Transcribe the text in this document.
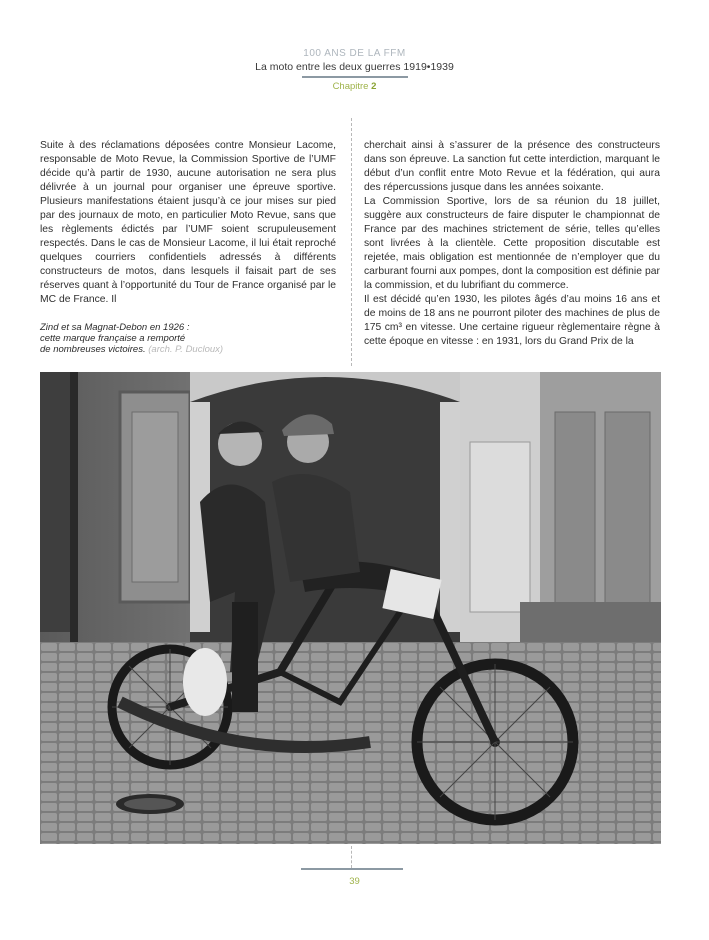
100 ANS DE LA FFM
La moto entre les deux guerres 1919•1939
Chapitre 2

Suite à des réclamations déposées contre Monsieur Lacome, responsable de Moto Revue, la Commission Sportive de l’UMF décide qu’à partir de 1930, aucune autorisation ne sera plus délivrée à un journal pour organiser une épreuve sportive. Plusieurs manifestations étaient jusqu’à ce jour mises sur pied par des journaux de moto, en particulier Moto Revue, sans que les règlements édictés par l’UMF soient scrupuleusement respectés. Dans le cas de Monsieur Lacome, il lui était reproché quelques courriers confidentiels adressés à différents constructeurs de motos, dans lesquels il faisait part de ses réserves quant à l’opportunité du Tour de France organisé par le MC de France. Il

cherchait ainsi à s’assurer de la présence des constructeurs dans son épreuve. La sanction fut cette interdiction, marquant le début d’un conflit entre Moto Revue et la fédération, qui aura des répercussions jusque dans les années soixante.

La Commission Sportive, lors de sa réunion du 18 juillet, suggère aux constructeurs de faire disputer le championnat de France par des machines strictement de série, telles qu’elles sont livrées à la clientèle. Cette proposition discutable est rejetée, mais obligation est mentionnée de n’employer que du carburant fourni aux pompes, dont la composition est définie par la commission, et du lubrifiant du commerce.

Il est décidé qu’en 1930, les pilotes âgés d’au moins 16 ans et de moins de 18 ans ne pourront piloter des machines de plus de 175 cm³ en vitesse. Une certaine rigueur règlementaire règne à cette époque en vitesse : en 1931, lors du Grand Prix de la

Zind et sa Magnat-Debon en 1926 :
cette marque française a remporté
de nombreuses victoires. (arch. P. Ducloux)
39
